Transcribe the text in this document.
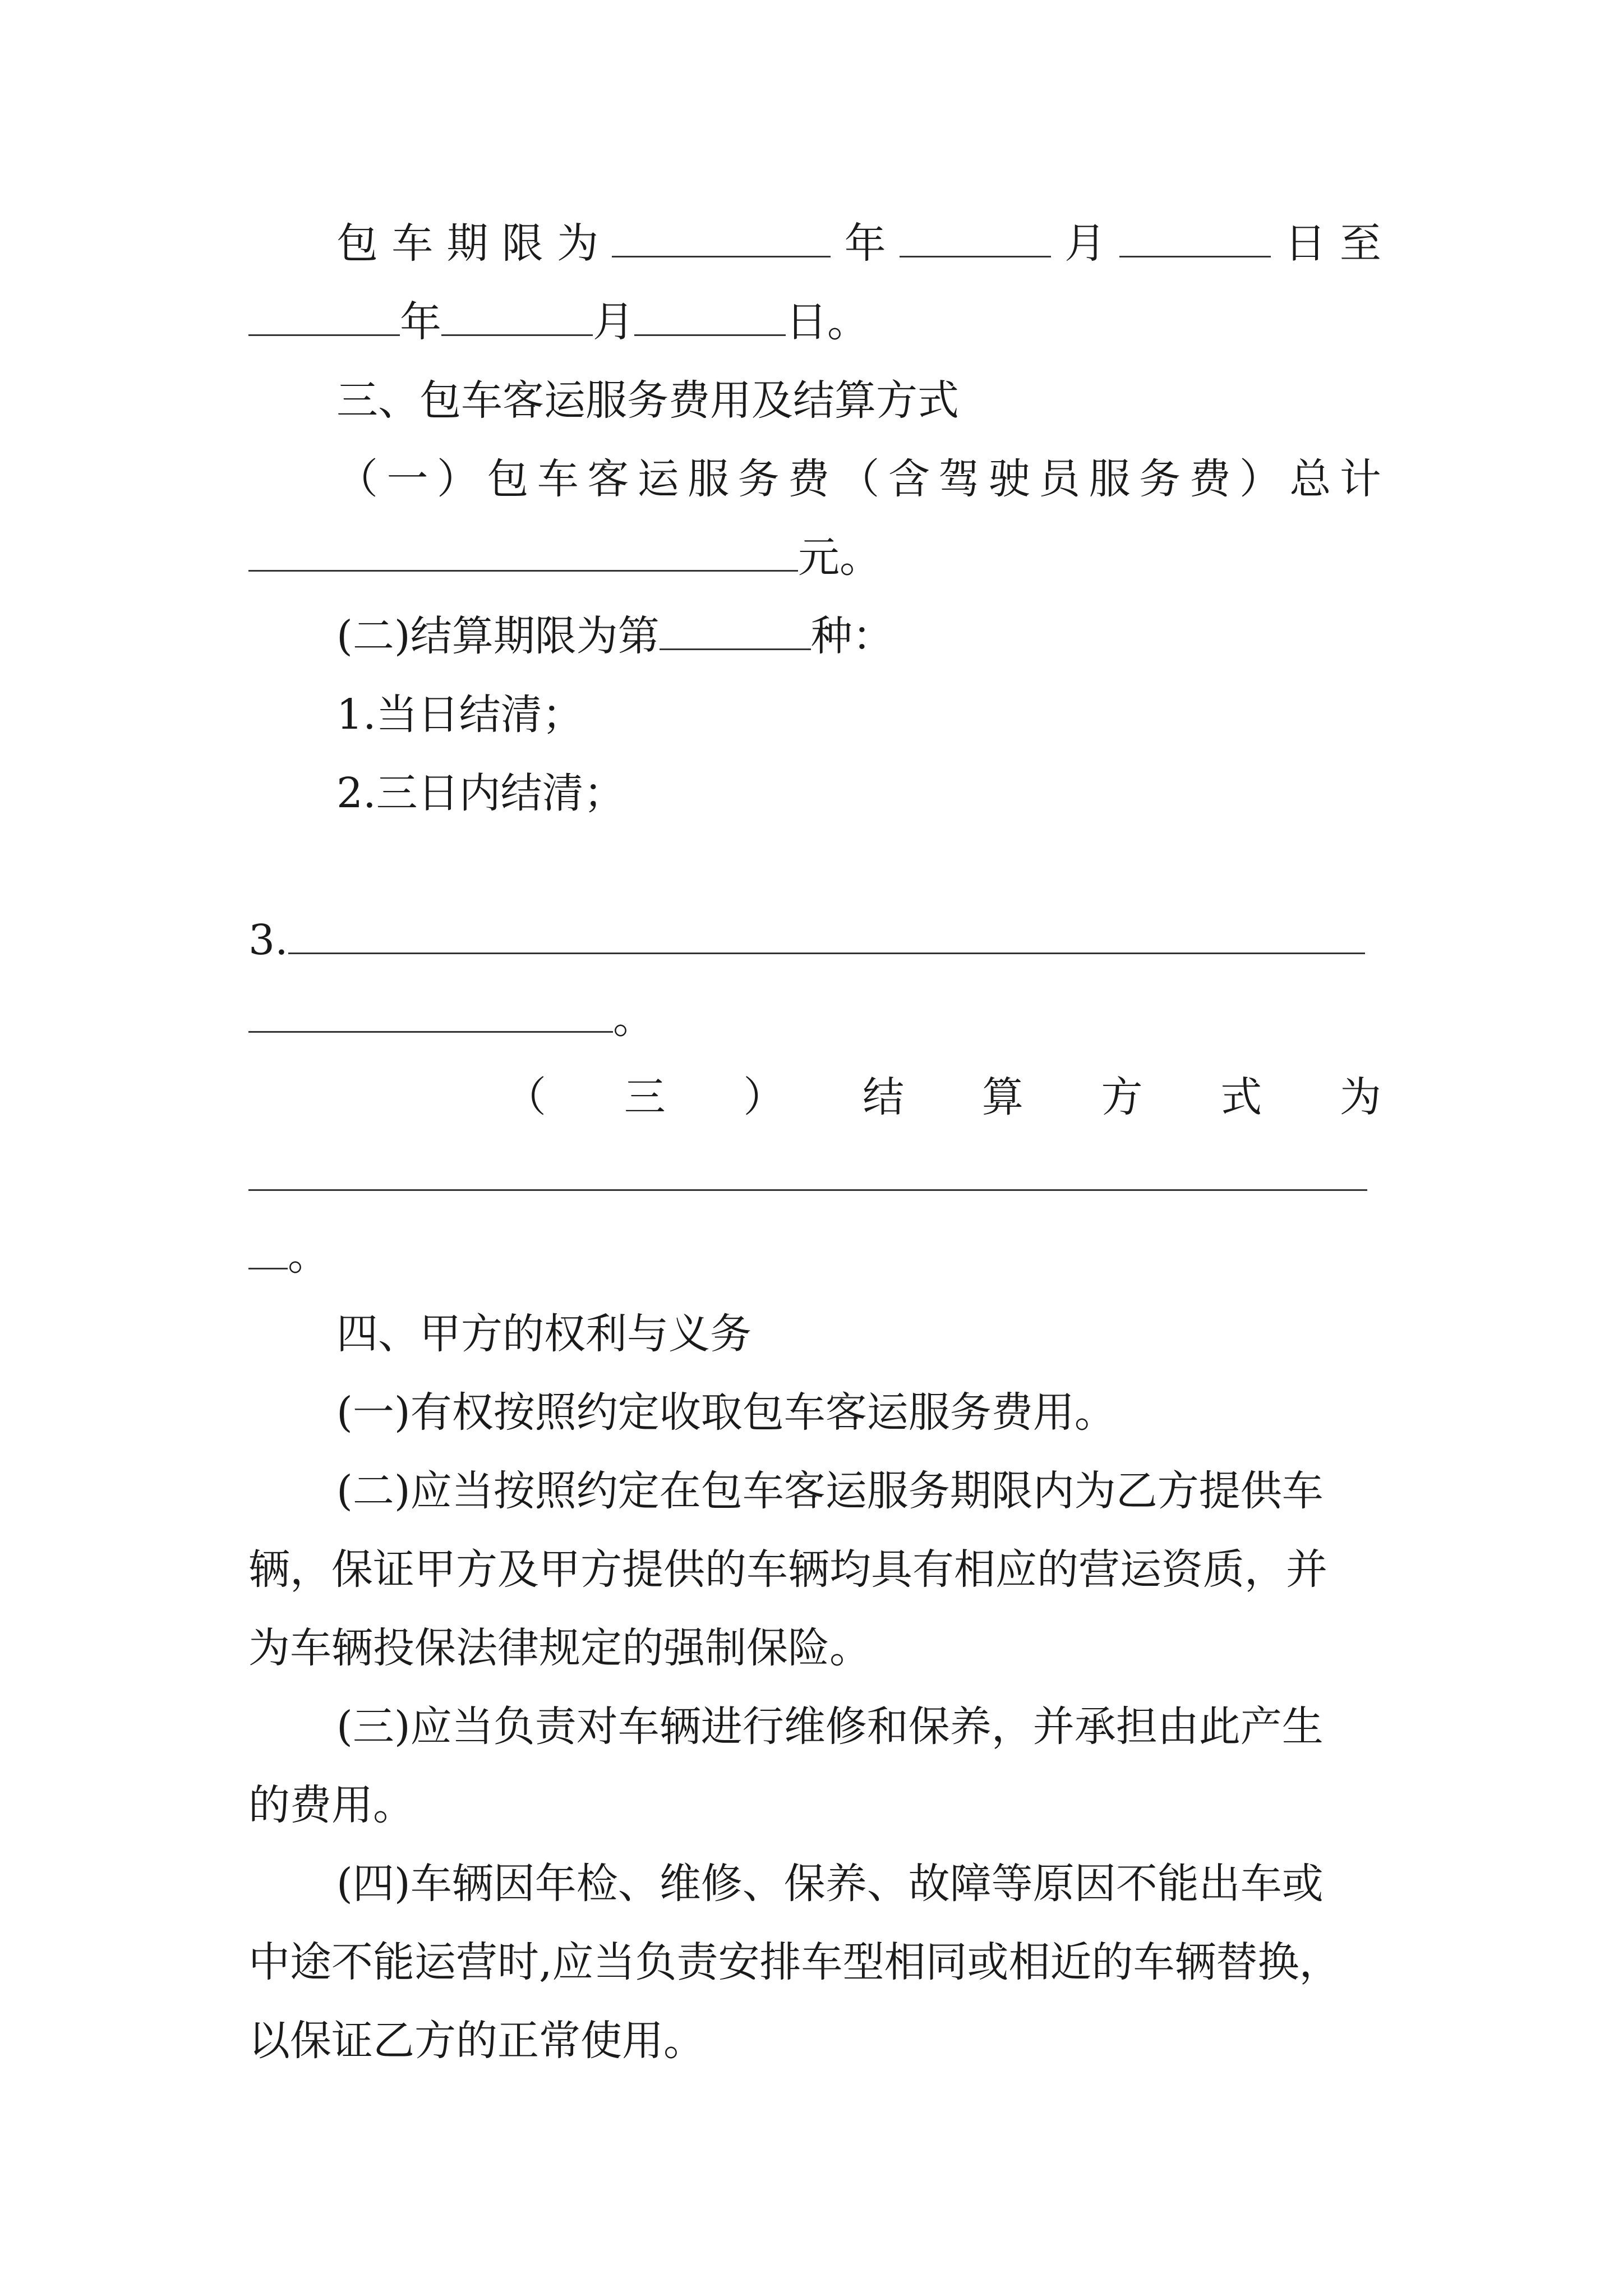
包 车 期 限 为	年	月	日 至
年	月	日。
三、包车客运服务费用及结算方式
（ 一 ） 包 车 客 运 服 务 费 （ 含 驾 驶 员 服 务 费 ） 总 计
元。
(二)结算期限为第	种：
1.当日结清；
2.三日内结清；
3.
。
（ 三 ） 结 算 方 式 为
。
四、甲方的权利与义务
(一)有权按照约定收取包车客运服务费用。
(二)应当按照约定在包车客运服务期限内为乙方提供车
辆，保证甲方及甲方提供的车辆均具有相应的营运资质，并
为车辆投保法律规定的强制保险。
(三)应当负责对车辆进行维修和保养，并承担由此产生
的费用。
(四)车辆因年检、维修、保养、故障等原因不能出车或
中途不能运营时,应当负责安排车型相同或相近的车辆替换，
以保证乙方的正常使用。
